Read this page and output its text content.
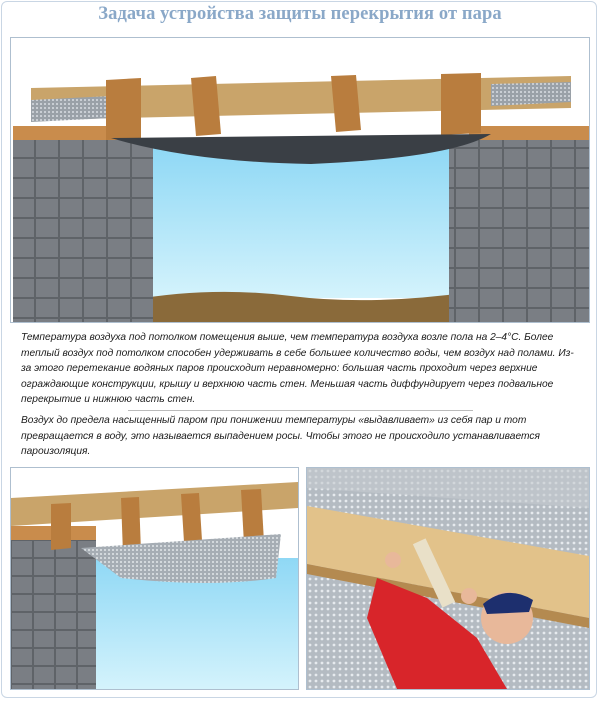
Задача устройства защиты перекрытия от пара
Температура воздуха под потолком помещения выше, чем температура воздуха возле пола на 2–4°С. Более теплый воздух под потолком способен удерживать в себе большее количество воды, чем воздух над полами. Из-за этого перетекание водяных паров происходит неравномерно: большая часть проходит через верхние ограждающие конструкции, крышу и верхнюю часть стен. Меньшая часть диффундирует через подвальное перекрытие и нижнюю часть стен.
Воздух до предела насыщенный паром при понижении температуры «выдавливает» из себя пар и тот превращается в воду, это называется выпадением росы. Чтобы этого не происходило устанавливается пароизоляция.
